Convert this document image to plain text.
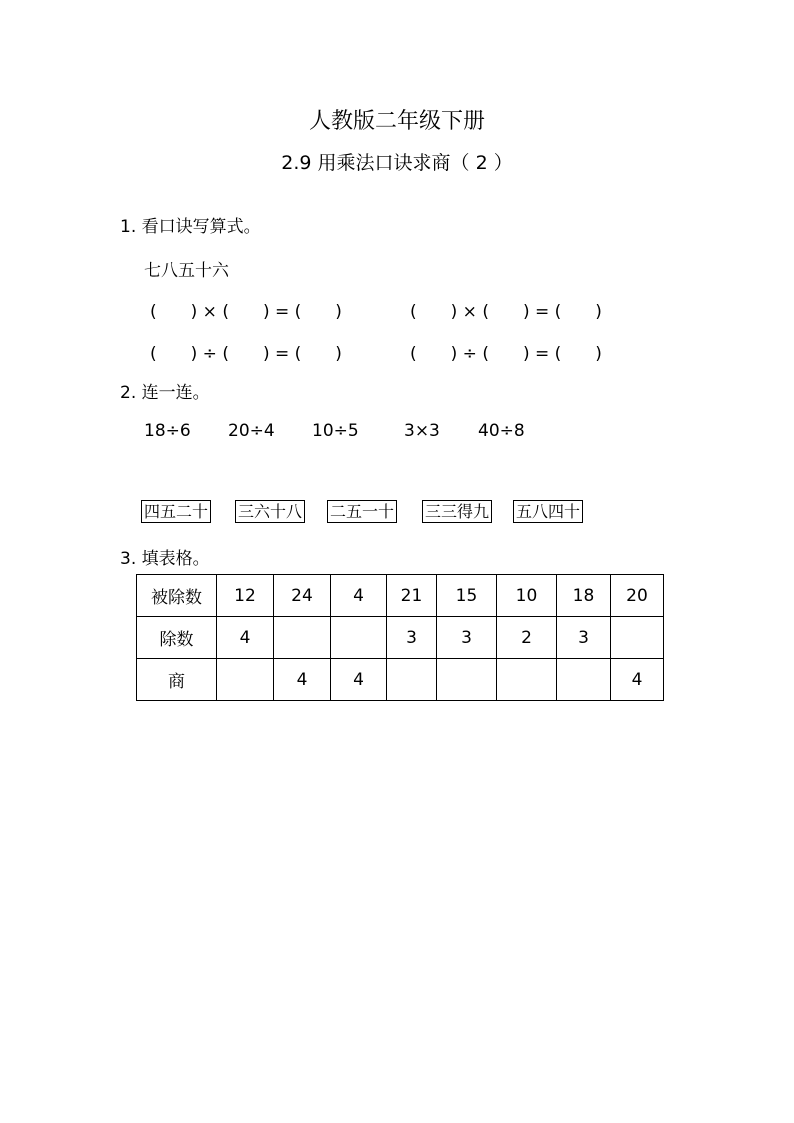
人教版二年级下册
2.9 用乘法口诀求商（ 2 ）
1. 看口诀写算式。
七八五十六
(　　) × (　　) = (　　)	(　　) × (　　) = (　　)
(　　) ÷ (　　) = (　　)	(　　) ÷ (　　) = (　　)
2. 连一连。
18÷6 20÷4 10÷5	3×3 40÷8
四五二十 三六十八 二五一十 三三得九 五八四十
3. 填表格。
被除数	12	24	4	21	15	10	18	20
除数	4			3	3	2	3	
商		4	4					4
